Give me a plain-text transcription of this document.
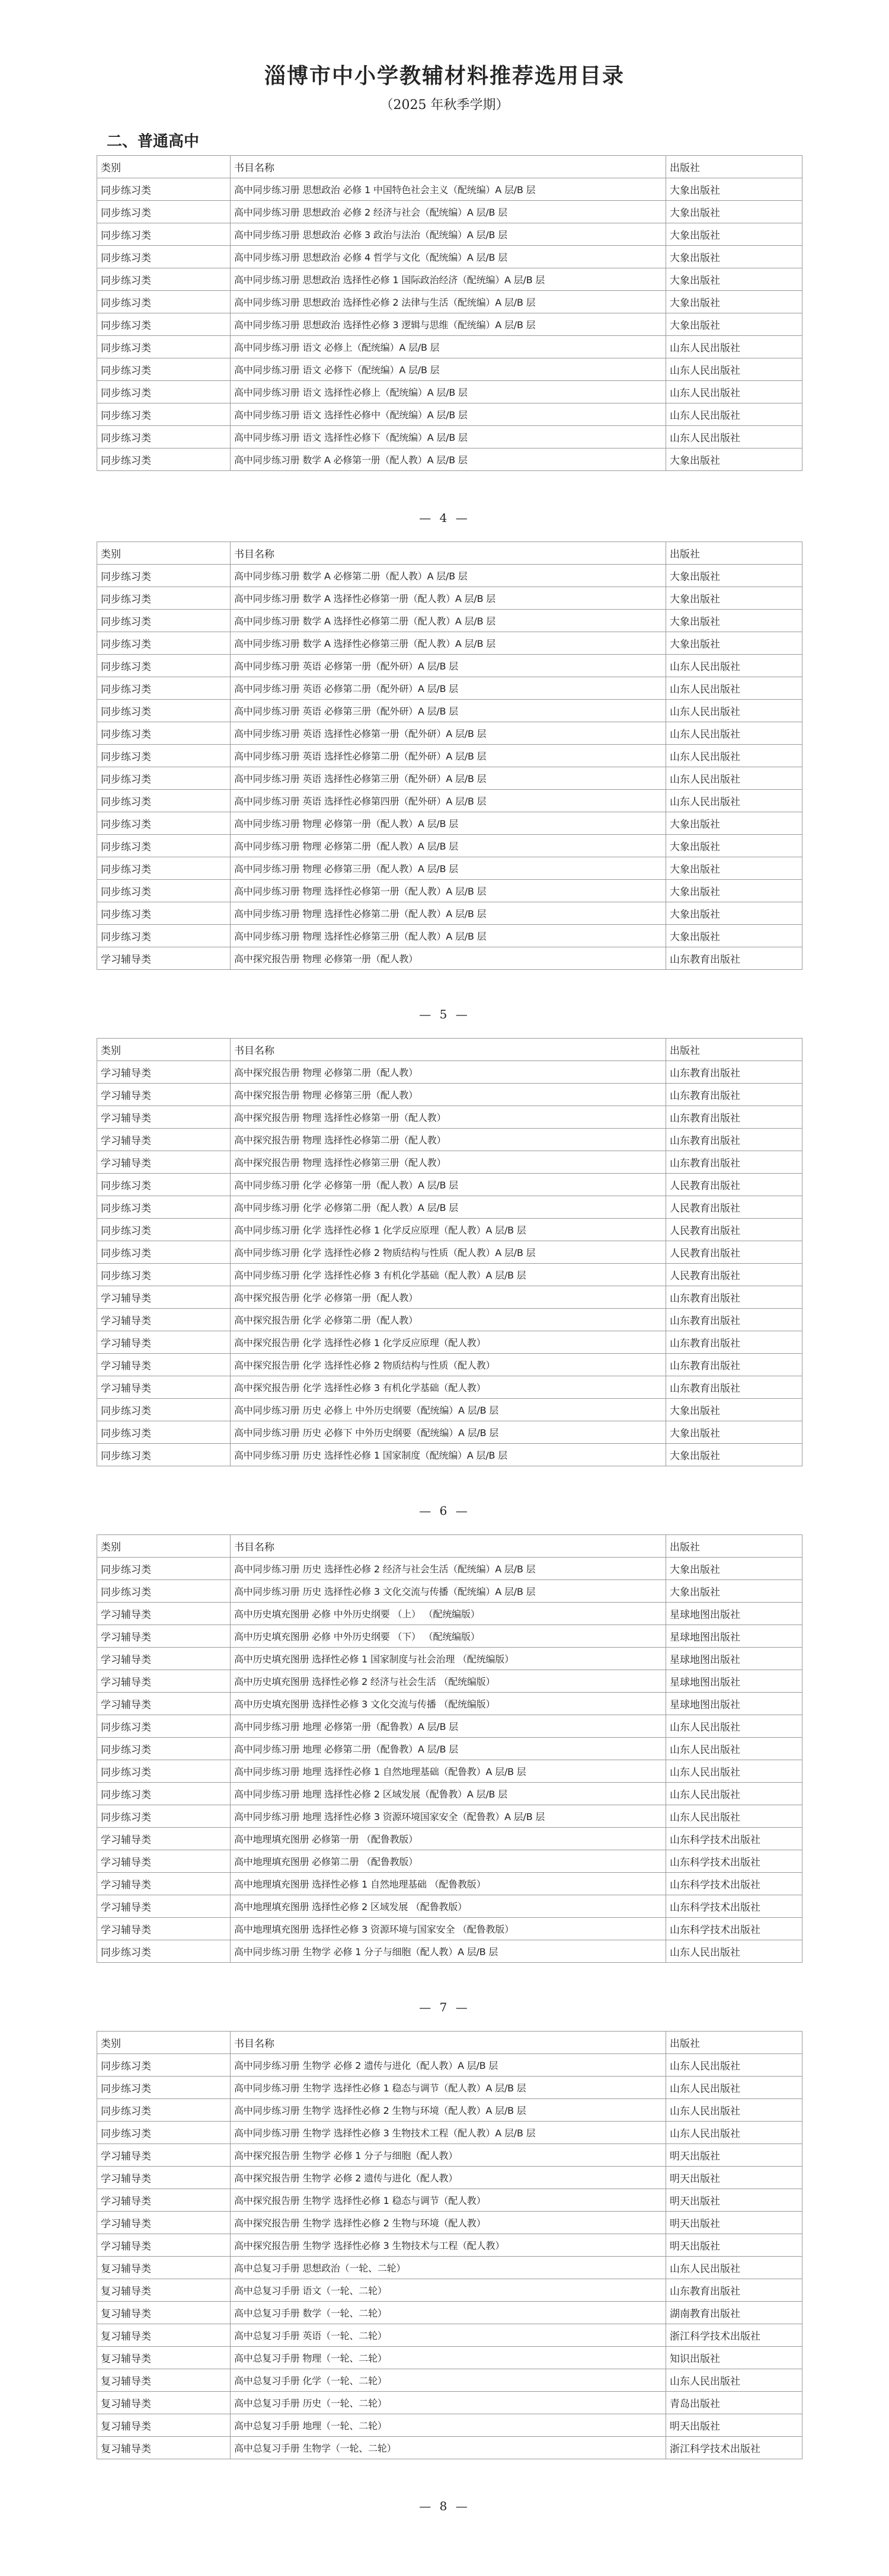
淄博市中小学教辅材料推荐选用目录
（2025 年秋季学期）
二、普通高中
类别	书目名称	出版社
同步练习类	高中同步练习册 思想政治 必修 1 中国特色社会主义（配统编）A 层/B 层	大象出版社
同步练习类	高中同步练习册 思想政治 必修 2 经济与社会（配统编）A 层/B 层	大象出版社
同步练习类	高中同步练习册 思想政治 必修 3 政治与法治（配统编）A 层/B 层	大象出版社
同步练习类	高中同步练习册 思想政治 必修 4 哲学与文化（配统编）A 层/B 层	大象出版社
同步练习类	高中同步练习册 思想政治 选择性必修 1 国际政治经济（配统编）A 层/B 层	大象出版社
同步练习类	高中同步练习册 思想政治 选择性必修 2 法律与生活（配统编）A 层/B 层	大象出版社
同步练习类	高中同步练习册 思想政治 选择性必修 3 逻辑与思维（配统编）A 层/B 层	大象出版社
同步练习类	高中同步练习册 语文 必修上（配统编）A 层/B 层	山东人民出版社
同步练习类	高中同步练习册 语文 必修下（配统编）A 层/B 层	山东人民出版社
同步练习类	高中同步练习册 语文 选择性必修上（配统编）A 层/B 层	山东人民出版社
同步练习类	高中同步练习册 语文 选择性必修中（配统编）A 层/B 层	山东人民出版社
同步练习类	高中同步练习册 语文 选择性必修下（配统编）A 层/B 层	山东人民出版社
同步练习类	高中同步练习册 数学 A 必修第一册（配人教）A 层/B 层	大象出版社
— 4 —
类别	书目名称	出版社
同步练习类	高中同步练习册 数学 A 必修第二册（配人教）A 层/B 层	大象出版社
同步练习类	高中同步练习册 数学 A 选择性必修第一册（配人教）A 层/B 层	大象出版社
同步练习类	高中同步练习册 数学 A 选择性必修第二册（配人教）A 层/B 层	大象出版社
同步练习类	高中同步练习册 数学 A 选择性必修第三册（配人教）A 层/B 层	大象出版社
同步练习类	高中同步练习册 英语 必修第一册（配外研）A 层/B 层	山东人民出版社
同步练习类	高中同步练习册 英语 必修第二册（配外研）A 层/B 层	山东人民出版社
同步练习类	高中同步练习册 英语 必修第三册（配外研）A 层/B 层	山东人民出版社
同步练习类	高中同步练习册 英语 选择性必修第一册（配外研）A 层/B 层	山东人民出版社
同步练习类	高中同步练习册 英语 选择性必修第二册（配外研）A 层/B 层	山东人民出版社
同步练习类	高中同步练习册 英语 选择性必修第三册（配外研）A 层/B 层	山东人民出版社
同步练习类	高中同步练习册 英语 选择性必修第四册（配外研）A 层/B 层	山东人民出版社
同步练习类	高中同步练习册 物理 必修第一册（配人教）A 层/B 层	大象出版社
同步练习类	高中同步练习册 物理 必修第二册（配人教）A 层/B 层	大象出版社
同步练习类	高中同步练习册 物理 必修第三册（配人教）A 层/B 层	大象出版社
同步练习类	高中同步练习册 物理 选择性必修第一册（配人教）A 层/B 层	大象出版社
同步练习类	高中同步练习册 物理 选择性必修第二册（配人教）A 层/B 层	大象出版社
同步练习类	高中同步练习册 物理 选择性必修第三册（配人教）A 层/B 层	大象出版社
学习辅导类	高中探究报告册 物理 必修第一册（配人教）	山东教育出版社
— 5 —
类别	书目名称	出版社
学习辅导类	高中探究报告册 物理 必修第二册（配人教）	山东教育出版社
学习辅导类	高中探究报告册 物理 必修第三册（配人教）	山东教育出版社
学习辅导类	高中探究报告册 物理 选择性必修第一册（配人教）	山东教育出版社
学习辅导类	高中探究报告册 物理 选择性必修第二册（配人教）	山东教育出版社
学习辅导类	高中探究报告册 物理 选择性必修第三册（配人教）	山东教育出版社
同步练习类	高中同步练习册 化学 必修第一册（配人教）A 层/B 层	人民教育出版社
同步练习类	高中同步练习册 化学 必修第二册（配人教）A 层/B 层	人民教育出版社
同步练习类	高中同步练习册 化学 选择性必修 1 化学反应原理（配人教）A 层/B 层	人民教育出版社
同步练习类	高中同步练习册 化学 选择性必修 2 物质结构与性质（配人教）A 层/B 层	人民教育出版社
同步练习类	高中同步练习册 化学 选择性必修 3 有机化学基础（配人教）A 层/B 层	人民教育出版社
学习辅导类	高中探究报告册 化学 必修第一册（配人教）	山东教育出版社
学习辅导类	高中探究报告册 化学 必修第二册（配人教）	山东教育出版社
学习辅导类	高中探究报告册 化学 选择性必修 1 化学反应原理（配人教）	山东教育出版社
学习辅导类	高中探究报告册 化学 选择性必修 2 物质结构与性质（配人教）	山东教育出版社
学习辅导类	高中探究报告册 化学 选择性必修 3 有机化学基础（配人教）	山东教育出版社
同步练习类	高中同步练习册 历史 必修上 中外历史纲要（配统编）A 层/B 层	大象出版社
同步练习类	高中同步练习册 历史 必修下 中外历史纲要（配统编）A 层/B 层	大象出版社
同步练习类	高中同步练习册 历史 选择性必修 1 国家制度（配统编）A 层/B 层	大象出版社
— 6 —
类别	书目名称	出版社
同步练习类	高中同步练习册 历史 选择性必修 2 经济与社会生活（配统编）A 层/B 层	大象出版社
同步练习类	高中同步练习册 历史 选择性必修 3 文化交流与传播（配统编）A 层/B 层	大象出版社
学习辅导类	高中历史填充图册 必修 中外历史纲要 （上） （配统编版）	星球地图出版社
学习辅导类	高中历史填充图册 必修 中外历史纲要 （下） （配统编版）	星球地图出版社
学习辅导类	高中历史填充图册 选择性必修 1 国家制度与社会治理 （配统编版）	星球地图出版社
学习辅导类	高中历史填充图册 选择性必修 2 经济与社会生活 （配统编版）	星球地图出版社
学习辅导类	高中历史填充图册 选择性必修 3 文化交流与传播 （配统编版）	星球地图出版社
同步练习类	高中同步练习册 地理 必修第一册（配鲁教）A 层/B 层	山东人民出版社
同步练习类	高中同步练习册 地理 必修第二册（配鲁教）A 层/B 层	山东人民出版社
同步练习类	高中同步练习册 地理 选择性必修 1 自然地理基础（配鲁教）A 层/B 层	山东人民出版社
同步练习类	高中同步练习册 地理 选择性必修 2 区域发展（配鲁教）A 层/B 层	山东人民出版社
同步练习类	高中同步练习册 地理 选择性必修 3 资源环境国家安全（配鲁教）A 层/B 层	山东人民出版社
学习辅导类	高中地理填充图册 必修第一册 （配鲁教版）	山东科学技术出版社
学习辅导类	高中地理填充图册 必修第二册 （配鲁教版）	山东科学技术出版社
学习辅导类	高中地理填充图册 选择性必修 1 自然地理基础 （配鲁教版）	山东科学技术出版社
学习辅导类	高中地理填充图册 选择性必修 2 区域发展 （配鲁教版）	山东科学技术出版社
学习辅导类	高中地理填充图册 选择性必修 3 资源环境与国家安全 （配鲁教版）	山东科学技术出版社
同步练习类	高中同步练习册 生物学 必修 1 分子与细胞（配人教）A 层/B 层	山东人民出版社
— 7 —
类别	书目名称	出版社
同步练习类	高中同步练习册 生物学 必修 2 遗传与进化（配人教）A 层/B 层	山东人民出版社
同步练习类	高中同步练习册 生物学 选择性必修 1 稳态与调节（配人教）A 层/B 层	山东人民出版社
同步练习类	高中同步练习册 生物学 选择性必修 2 生物与环境（配人教）A 层/B 层	山东人民出版社
同步练习类	高中同步练习册 生物学 选择性必修 3 生物技术工程（配人教）A 层/B 层	山东人民出版社
学习辅导类	高中探究报告册 生物学 必修 1 分子与细胞（配人教）	明天出版社
学习辅导类	高中探究报告册 生物学 必修 2 遗传与进化（配人教）	明天出版社
学习辅导类	高中探究报告册 生物学 选择性必修 1 稳态与调节（配人教）	明天出版社
学习辅导类	高中探究报告册 生物学 选择性必修 2 生物与环境（配人教）	明天出版社
学习辅导类	高中探究报告册 生物学 选择性必修 3 生物技术与工程（配人教）	明天出版社
复习辅导类	高中总复习手册 思想政治（一轮、二轮）	山东人民出版社
复习辅导类	高中总复习手册 语文（一轮、二轮）	山东教育出版社
复习辅导类	高中总复习手册 数学（一轮、二轮）	湖南教育出版社
复习辅导类	高中总复习手册 英语（一轮、二轮）	浙江科学技术出版社
复习辅导类	高中总复习手册 物理（一轮、二轮）	知识出版社
复习辅导类	高中总复习手册 化学（一轮、二轮）	山东人民出版社
复习辅导类	高中总复习手册 历史（一轮、二轮）	青岛出版社
复习辅导类	高中总复习手册 地理（一轮、二轮）	明天出版社
复习辅导类	高中总复习手册 生物学（一轮、二轮）	浙江科学技术出版社
— 8 —
